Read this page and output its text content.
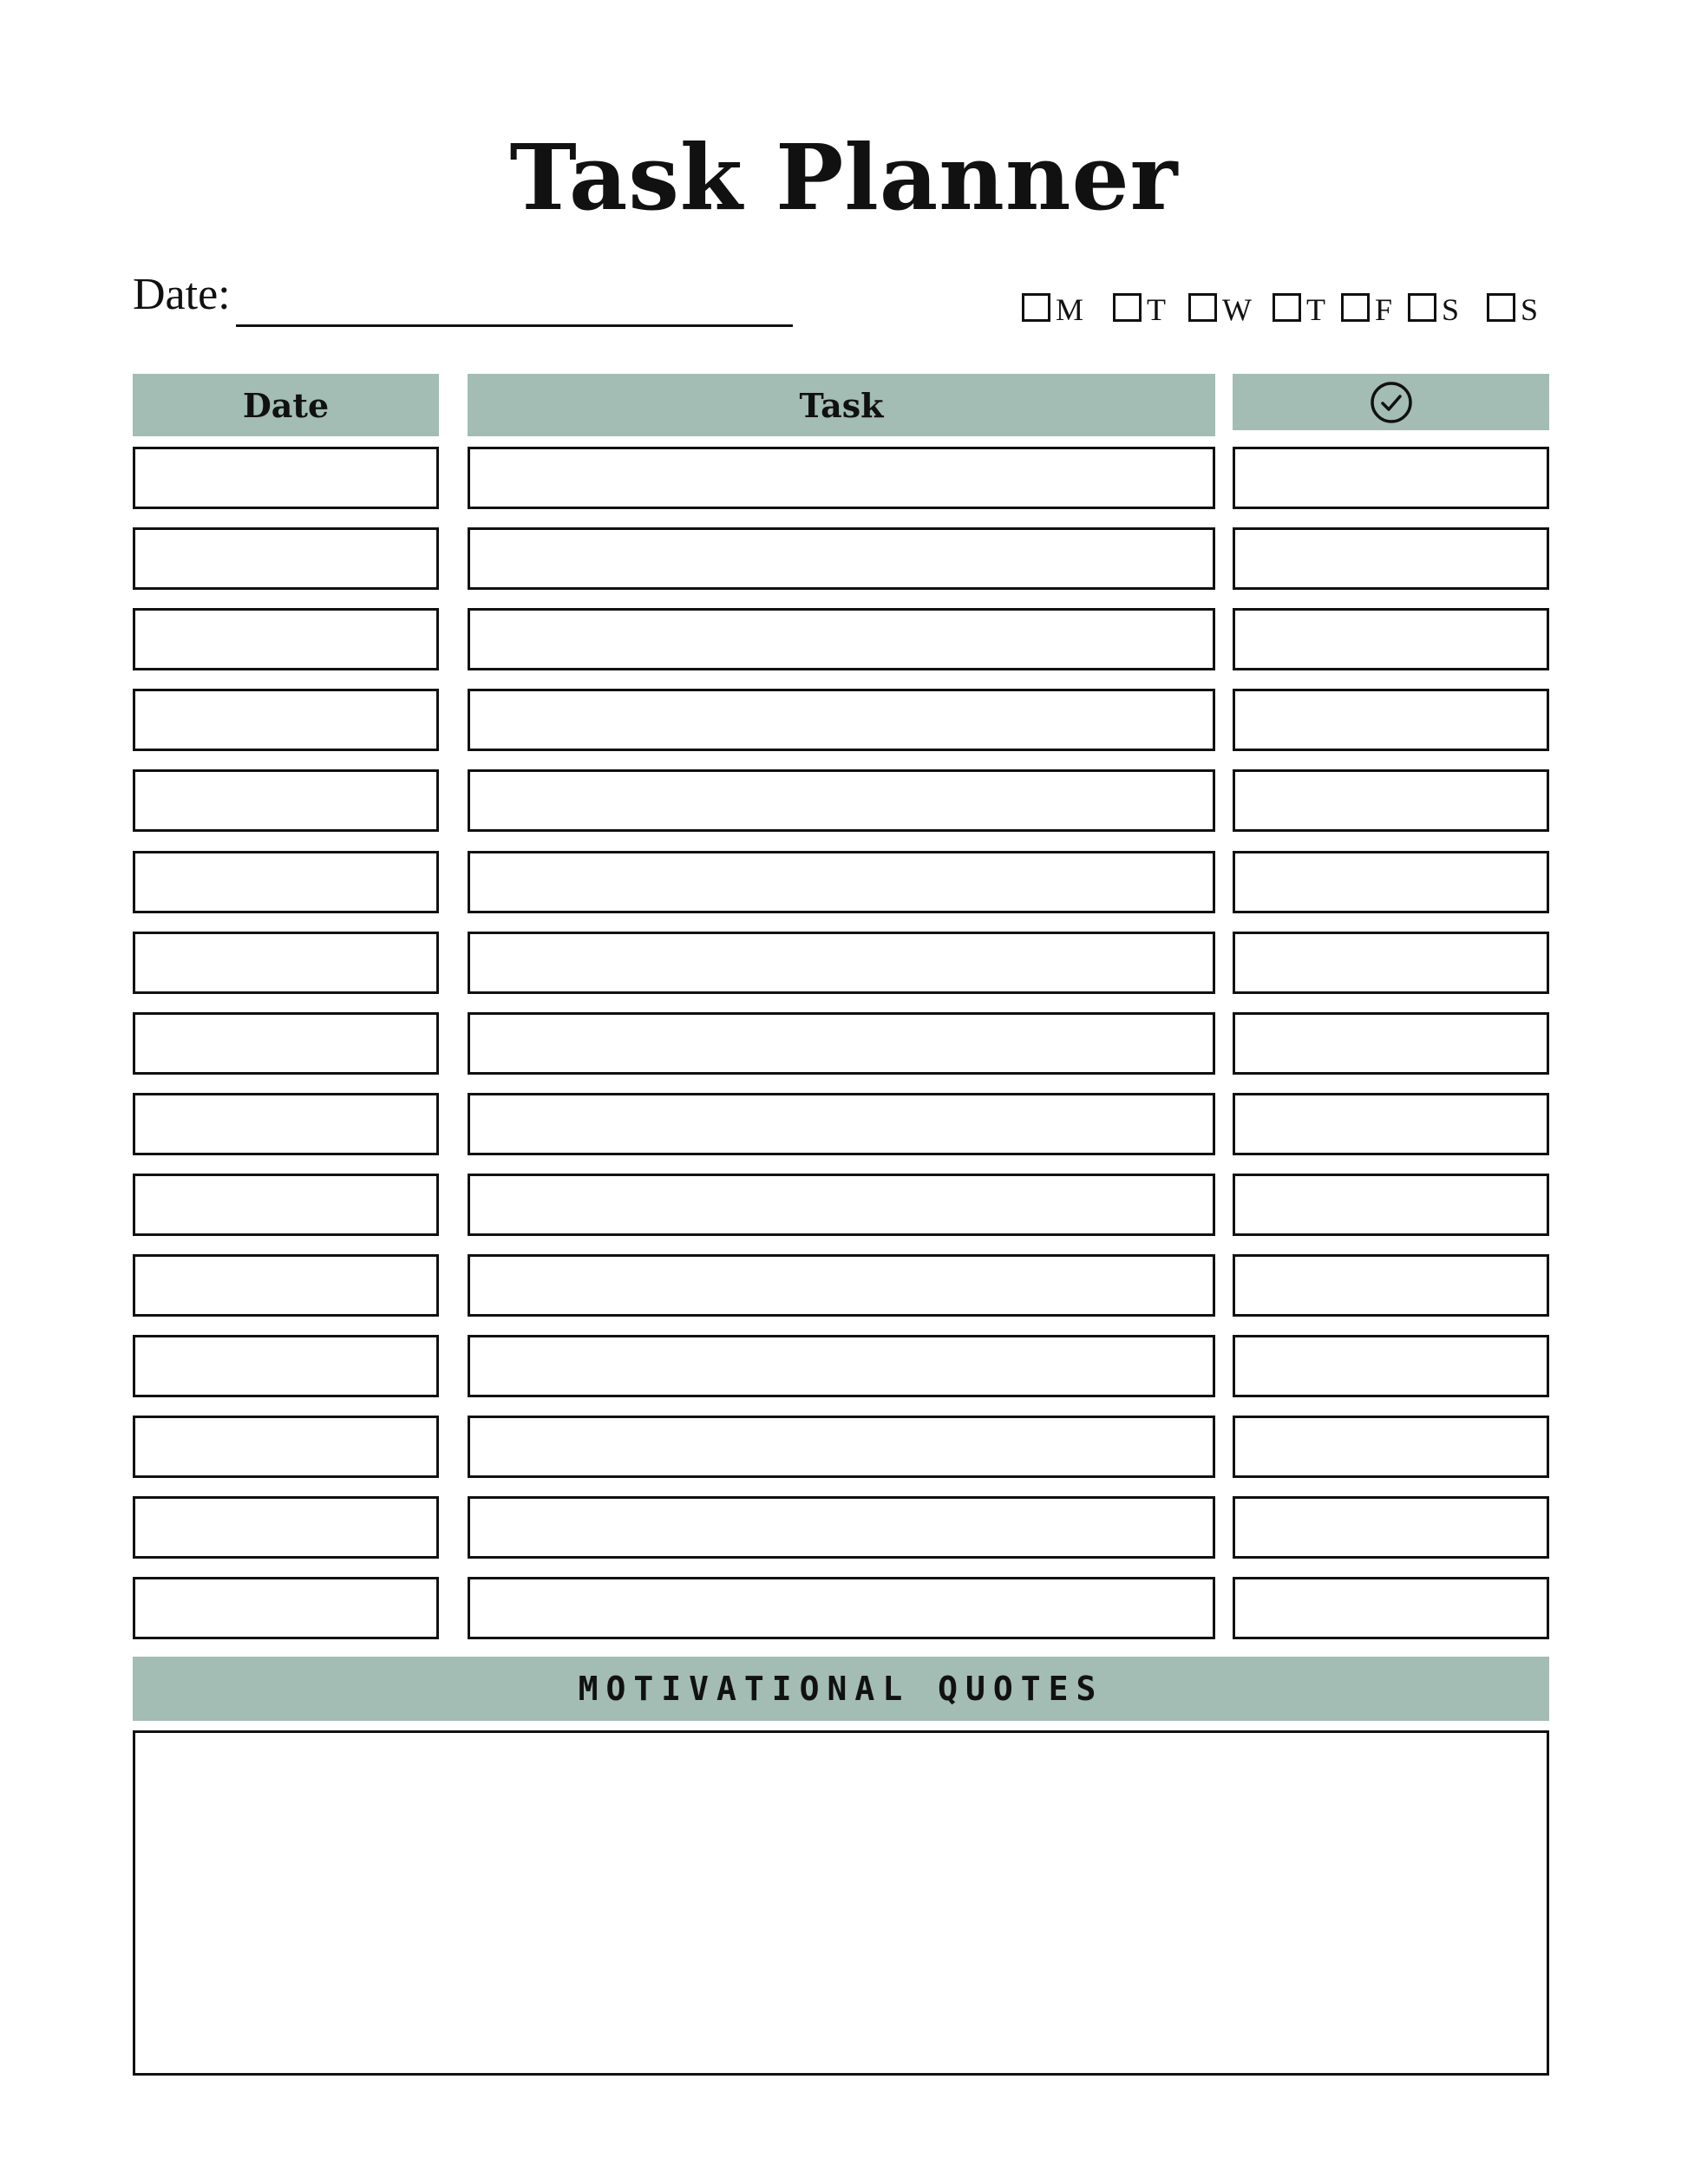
Task Planner
Date:	M T W T F S S
Date	Task
MOTIVATIONAL QUOTES
